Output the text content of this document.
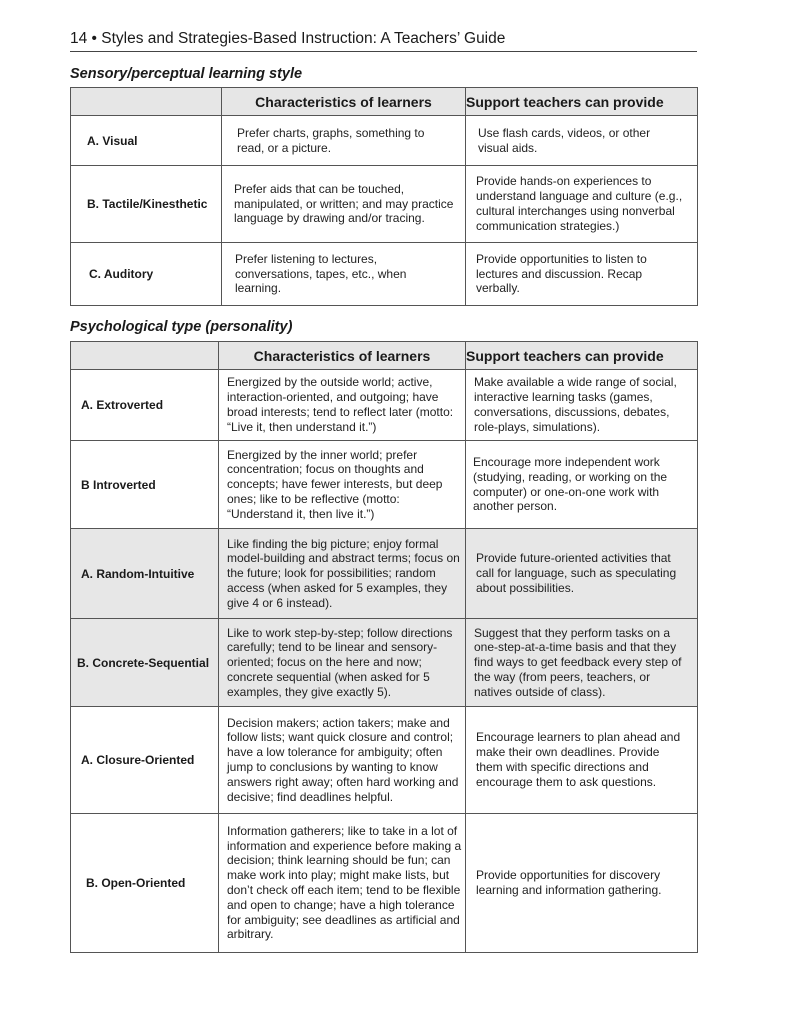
14 • Styles and Strategies-Based Instruction: A Teachers’ Guide
Sensory/perceptual learning style
	Characteristics of learners	Support teachers can provide
A. Visual	Prefer charts, graphs, something to read, or a picture.	Use flash cards, videos, or other visual aids.
B. Tactile/Kinesthetic	Prefer aids that can be touched, manipulated, or written; and may practice language by drawing and/or tracing.	Provide hands-on experiences to understand language and culture (e.g., cultural interchanges using nonverbal communication strategies.)
C. Auditory	Prefer listening to lectures, conversations, tapes, etc., when learning.	Provide opportunities to listen to lectures and discussion. Recap verbally.
Psychological type (personality)
	Characteristics of learners	Support teachers can provide
A. Extroverted	Energized by the outside world; active, interaction-oriented, and outgoing; have broad interests; tend to reflect later (motto: “Live it, then understand it.”)	Make available a wide range of social, interactive learning tasks (games, conversations, discussions, debates, role-plays, simulations).
B Introverted	Energized by the inner world; prefer concentration; focus on thoughts and concepts; have fewer interests, but deep ones; like to be reflective (motto: “Understand it, then live it.”)	Encourage more independent work (studying, reading, or working on the computer) or one-on-one work with another person.
A. Random-Intuitive	Like finding the big picture; enjoy formal model-building and abstract terms; focus on the future; look for possibilities; random access (when asked for 5 examples, they give 4 or 6 instead).	Provide future-oriented activities that call for language, such as speculating about possibilities.
B. Concrete-Sequential	Like to work step-by-step; follow directions carefully; tend to be linear and sensory-oriented; focus on the here and now; concrete sequential (when asked for 5 examples, they give exactly 5).	Suggest that they perform tasks on a one-step-at-a-time basis and that they find ways to get feedback every step of the way (from peers, teachers, or natives outside of class).
A. Closure-Oriented	Decision makers; action takers; make and follow lists; want quick closure and control; have a low tolerance for ambiguity; often jump to conclusions by wanting to know answers right away; often hard working and decisive; find deadlines helpful.	Encourage learners to plan ahead and make their own deadlines. Provide them with specific directions and encourage them to ask questions.
B. Open-Oriented	Information gatherers; like to take in a lot of information and experience before making a decision; think learning should be fun; can make work into play; might make lists, but don’t check off each item; tend to be flexible and open to change; have a high tolerance for ambiguity; see deadlines as artificial and arbitrary.	Provide opportunities for discovery learning and information gathering.
